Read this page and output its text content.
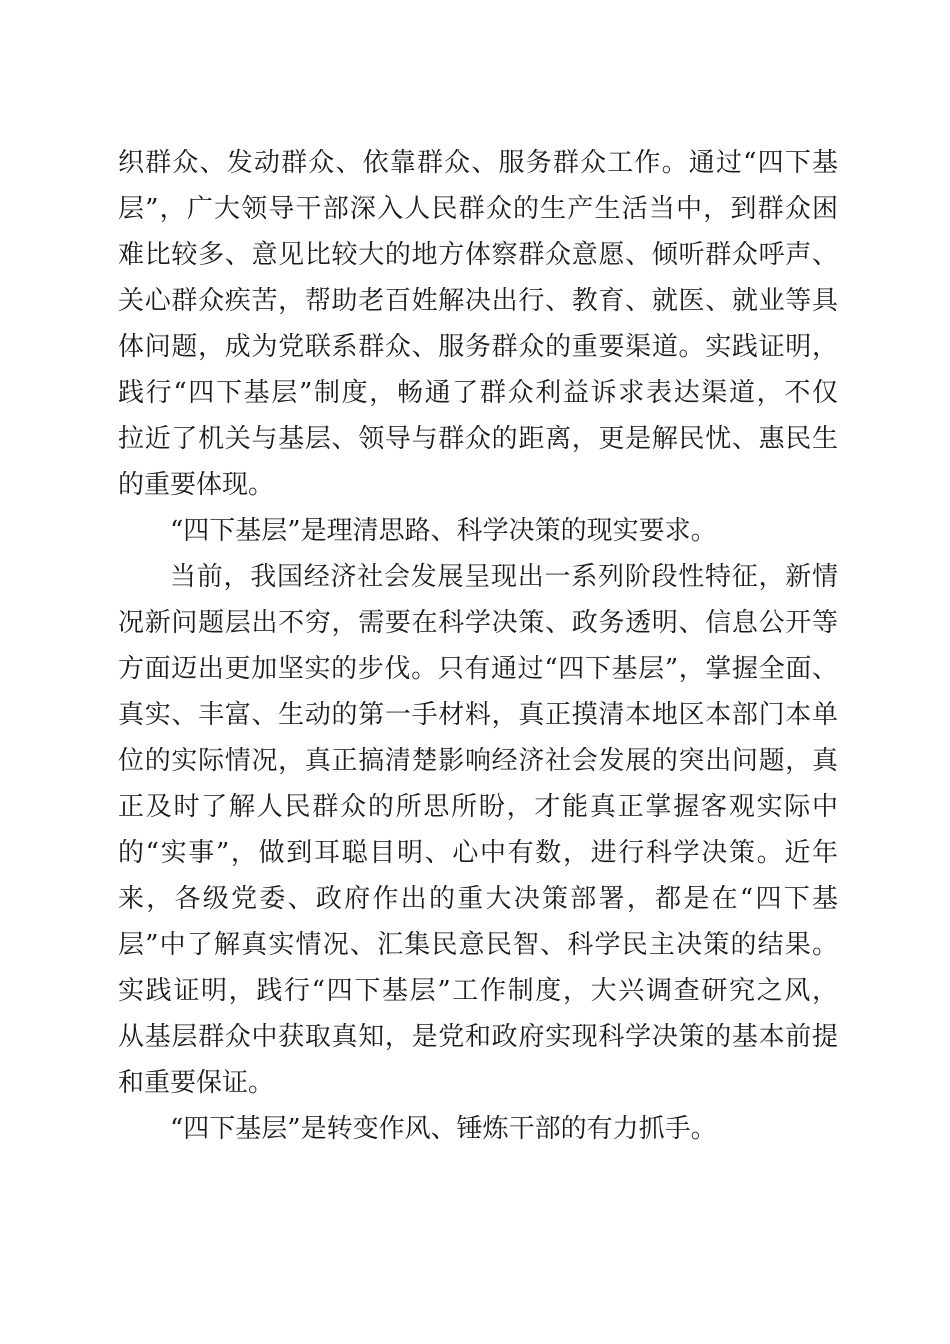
织群众、发动群众、依靠群众、服务群众工作。通过“四下基
层”，广大领导干部深入人民群众的生产生活当中，到群众困
难比较多、意见比较大的地方体察群众意愿、倾听群众呼声、
关心群众疾苦，帮助老百姓解决出行、教育、就医、就业等具
体问题，成为党联系群众、服务群众的重要渠道。实践证明，
践行“四下基层”制度，畅通了群众利益诉求表达渠道，不仅
拉近了机关与基层、领导与群众的距离，更是解民忧、惠民生
的重要体现。
“四下基层”是理清思路、科学决策的现实要求。
当前，我国经济社会发展呈现出一系列阶段性特征，新情
况新问题层出不穷，需要在科学决策、政务透明、信息公开等
方面迈出更加坚实的步伐。只有通过“四下基层”，掌握全面、
真实、丰富、生动的第一手材料，真正摸清本地区本部门本单
位的实际情况，真正搞清楚影响经济社会发展的突出问题，真
正及时了解人民群众的所思所盼，才能真正掌握客观实际中
的“实事”，做到耳聪目明、心中有数，进行科学决策。近年
来，各级党委、政府作出的重大决策部署，都是在“四下基
层”中了解真实情况、汇集民意民智、科学民主决策的结果。
实践证明，践行“四下基层”工作制度，大兴调查研究之风，
从基层群众中获取真知，是党和政府实现科学决策的基本前提
和重要保证。
“四下基层”是转变作风、锤炼干部的有力抓手。
